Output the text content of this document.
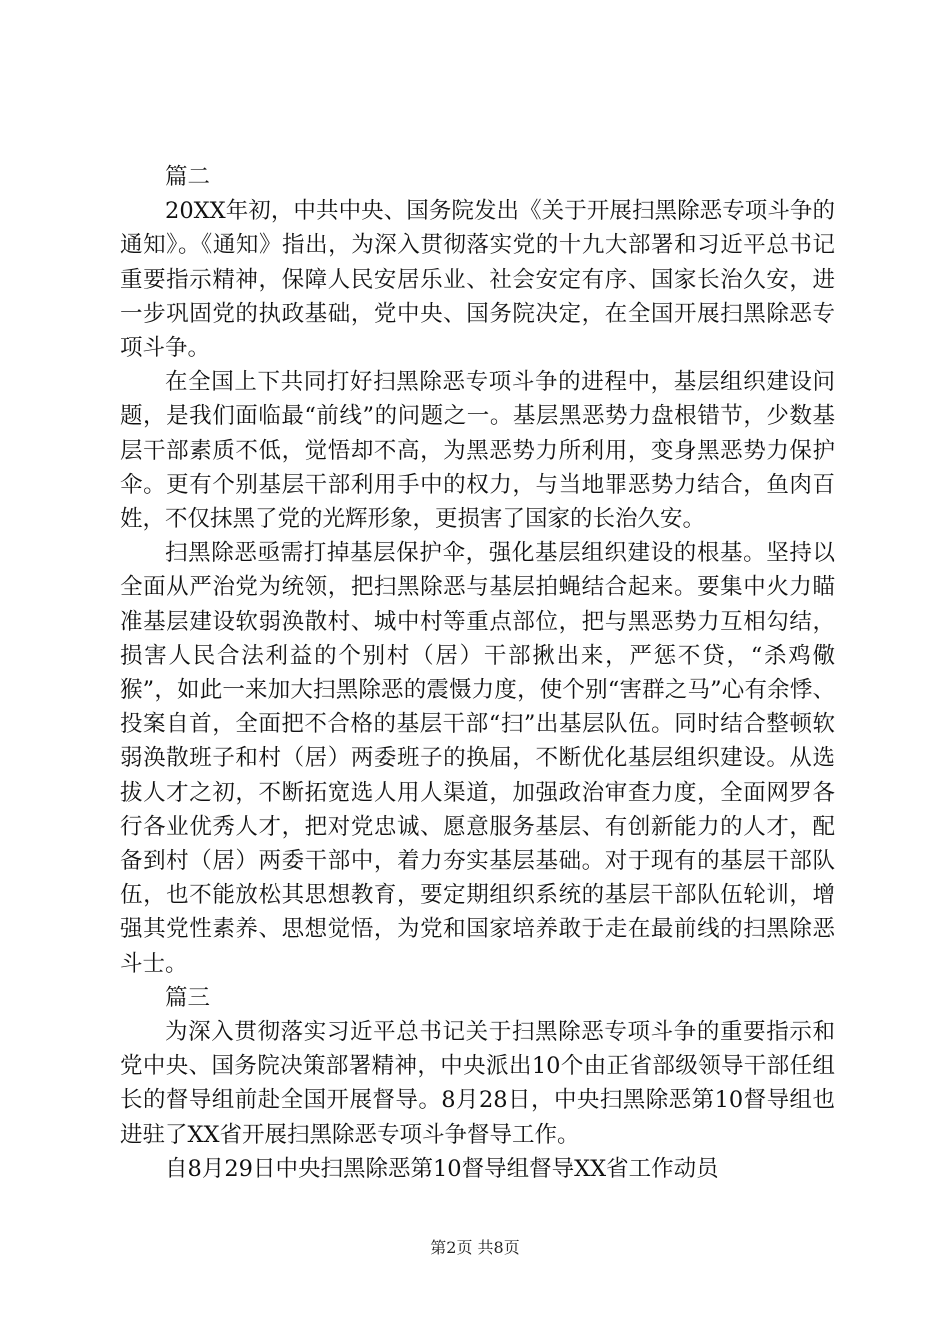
篇二

20XX年初，中共中央、国务院发出《关于开展扫黑除恶专项斗争的通知》。《通知》指出，为深入贯彻落实党的十九大部署和习近平总书记重要指示精神，保障人民安居乐业、社会安定有序、国家长治久安，进一步巩固党的执政基础，党中央、国务院决定，在全国开展扫黑除恶专项斗争。

在全国上下共同打好扫黑除恶专项斗争的进程中，基层组织建设问题，是我们面临最“前线”的问题之一。基层黑恶势力盘根错节，少数基层干部素质不低，觉悟却不高，为黑恶势力所利用，变身黑恶势力保护伞。更有个别基层干部利用手中的权力，与当地罪恶势力结合，鱼肉百姓，不仅抹黑了党的光辉形象，更损害了国家的长治久安。

扫黑除恶亟需打掉基层保护伞，强化基层组织建设的根基。坚持以全面从严治党为统领，把扫黑除恶与基层拍蝇结合起来。要集中火力瞄准基层建设软弱涣散村、城中村等重点部位，把与黑恶势力互相勾结，损害人民合法利益的个别村（居）干部揪出来，严惩不贷，“杀鸡儆猴”，如此一来加大扫黑除恶的震慑力度，使个别“害群之马”心有余悸、投案自首，全面把不合格的基层干部“扫”出基层队伍。同时结合整顿软弱涣散班子和村（居）两委班子的换届，不断优化基层组织建设。从选拔人才之初，不断拓宽选人用人渠道，加强政治审查力度，全面网罗各行各业优秀人才，把对党忠诚、愿意服务基层、有创新能力的人才，配备到村（居）两委干部中，着力夯实基层基础。对于现有的基层干部队伍，也不能放松其思想教育，要定期组织系统的基层干部队伍轮训，增强其党性素养、思想觉悟，为党和国家培养敢于走在最前线的扫黑除恶斗士。

篇三

为深入贯彻落实习近平总书记关于扫黑除恶专项斗争的重要指示和党中央、国务院决策部署精神，中央派出10个由正省部级领导干部任组长的督导组前赴全国开展督导。8月28日，中央扫黑除恶第10督导组也进驻了XX省开展扫黑除恶专项斗争督导工作。

自8月29日中央扫黑除恶第10督导组督导XX省工作动员

第2页 共8页
